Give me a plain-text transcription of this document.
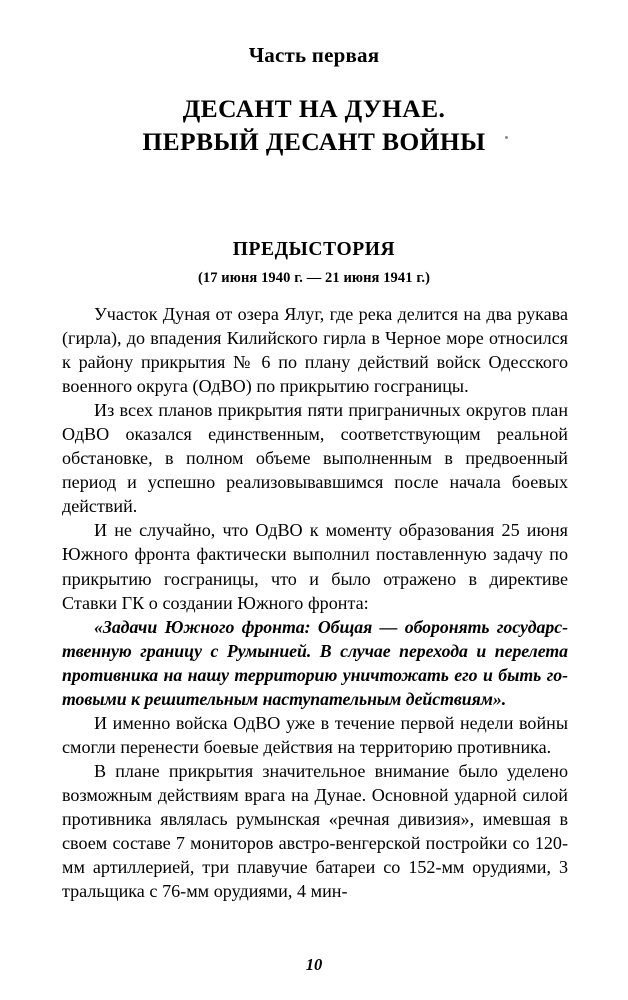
Часть первая
ДЕСАНТ НА ДУНАЕ.
ПЕРВЫЙ ДЕСАНТ ВОЙНЫ
ПРЕДЫСТОРИЯ
(17 июня 1940 г. — 21 июня 1941 г.)

Участок Дуная от озера Ялуг, где река делится на два рукава (гирла), до впадения Килийского гирла в Черное море относился к району прикрытия № 6 по плану действий войск Одесского военного округа (ОдВО) по прикрытию госграницы.

Из всех планов прикрытия пяти приграничных округов план ОдВО оказался единственным, соответствующим реальной обстановке, в полном объеме выполненным в предвоенный период и успешно реализовывавшимся после начала боевых действий.

И не случайно, что ОдВО к моменту образования 25 июня Южного фронта фактически выполнил поставленную задачу по прикрытию госграницы, что и было отражено в директиве Ставки ГК о создании Южного фронта:

«Задачи Южного фронта: Общая — оборонять государственную границу с Румынией. В случае перехода и перелета противника на нашу территорию уничтожать его и быть готовыми к решительным наступательным действиям».

И именно войска ОдВО уже в течение первой недели войны смогли перенести боевые действия на территорию противника.

В плане прикрытия значительное внимание было уделено возможным действиям врага на Дунае. Основной ударной силой противника являлась румынская «речная дивизия», имевшая в своем составе 7 мониторов австро-венгерской постройки со 120-мм артиллерией, три плавучие батареи со 152-мм орудиями, 3 тральщика с 76-мм орудиями, 4 мин-

10
